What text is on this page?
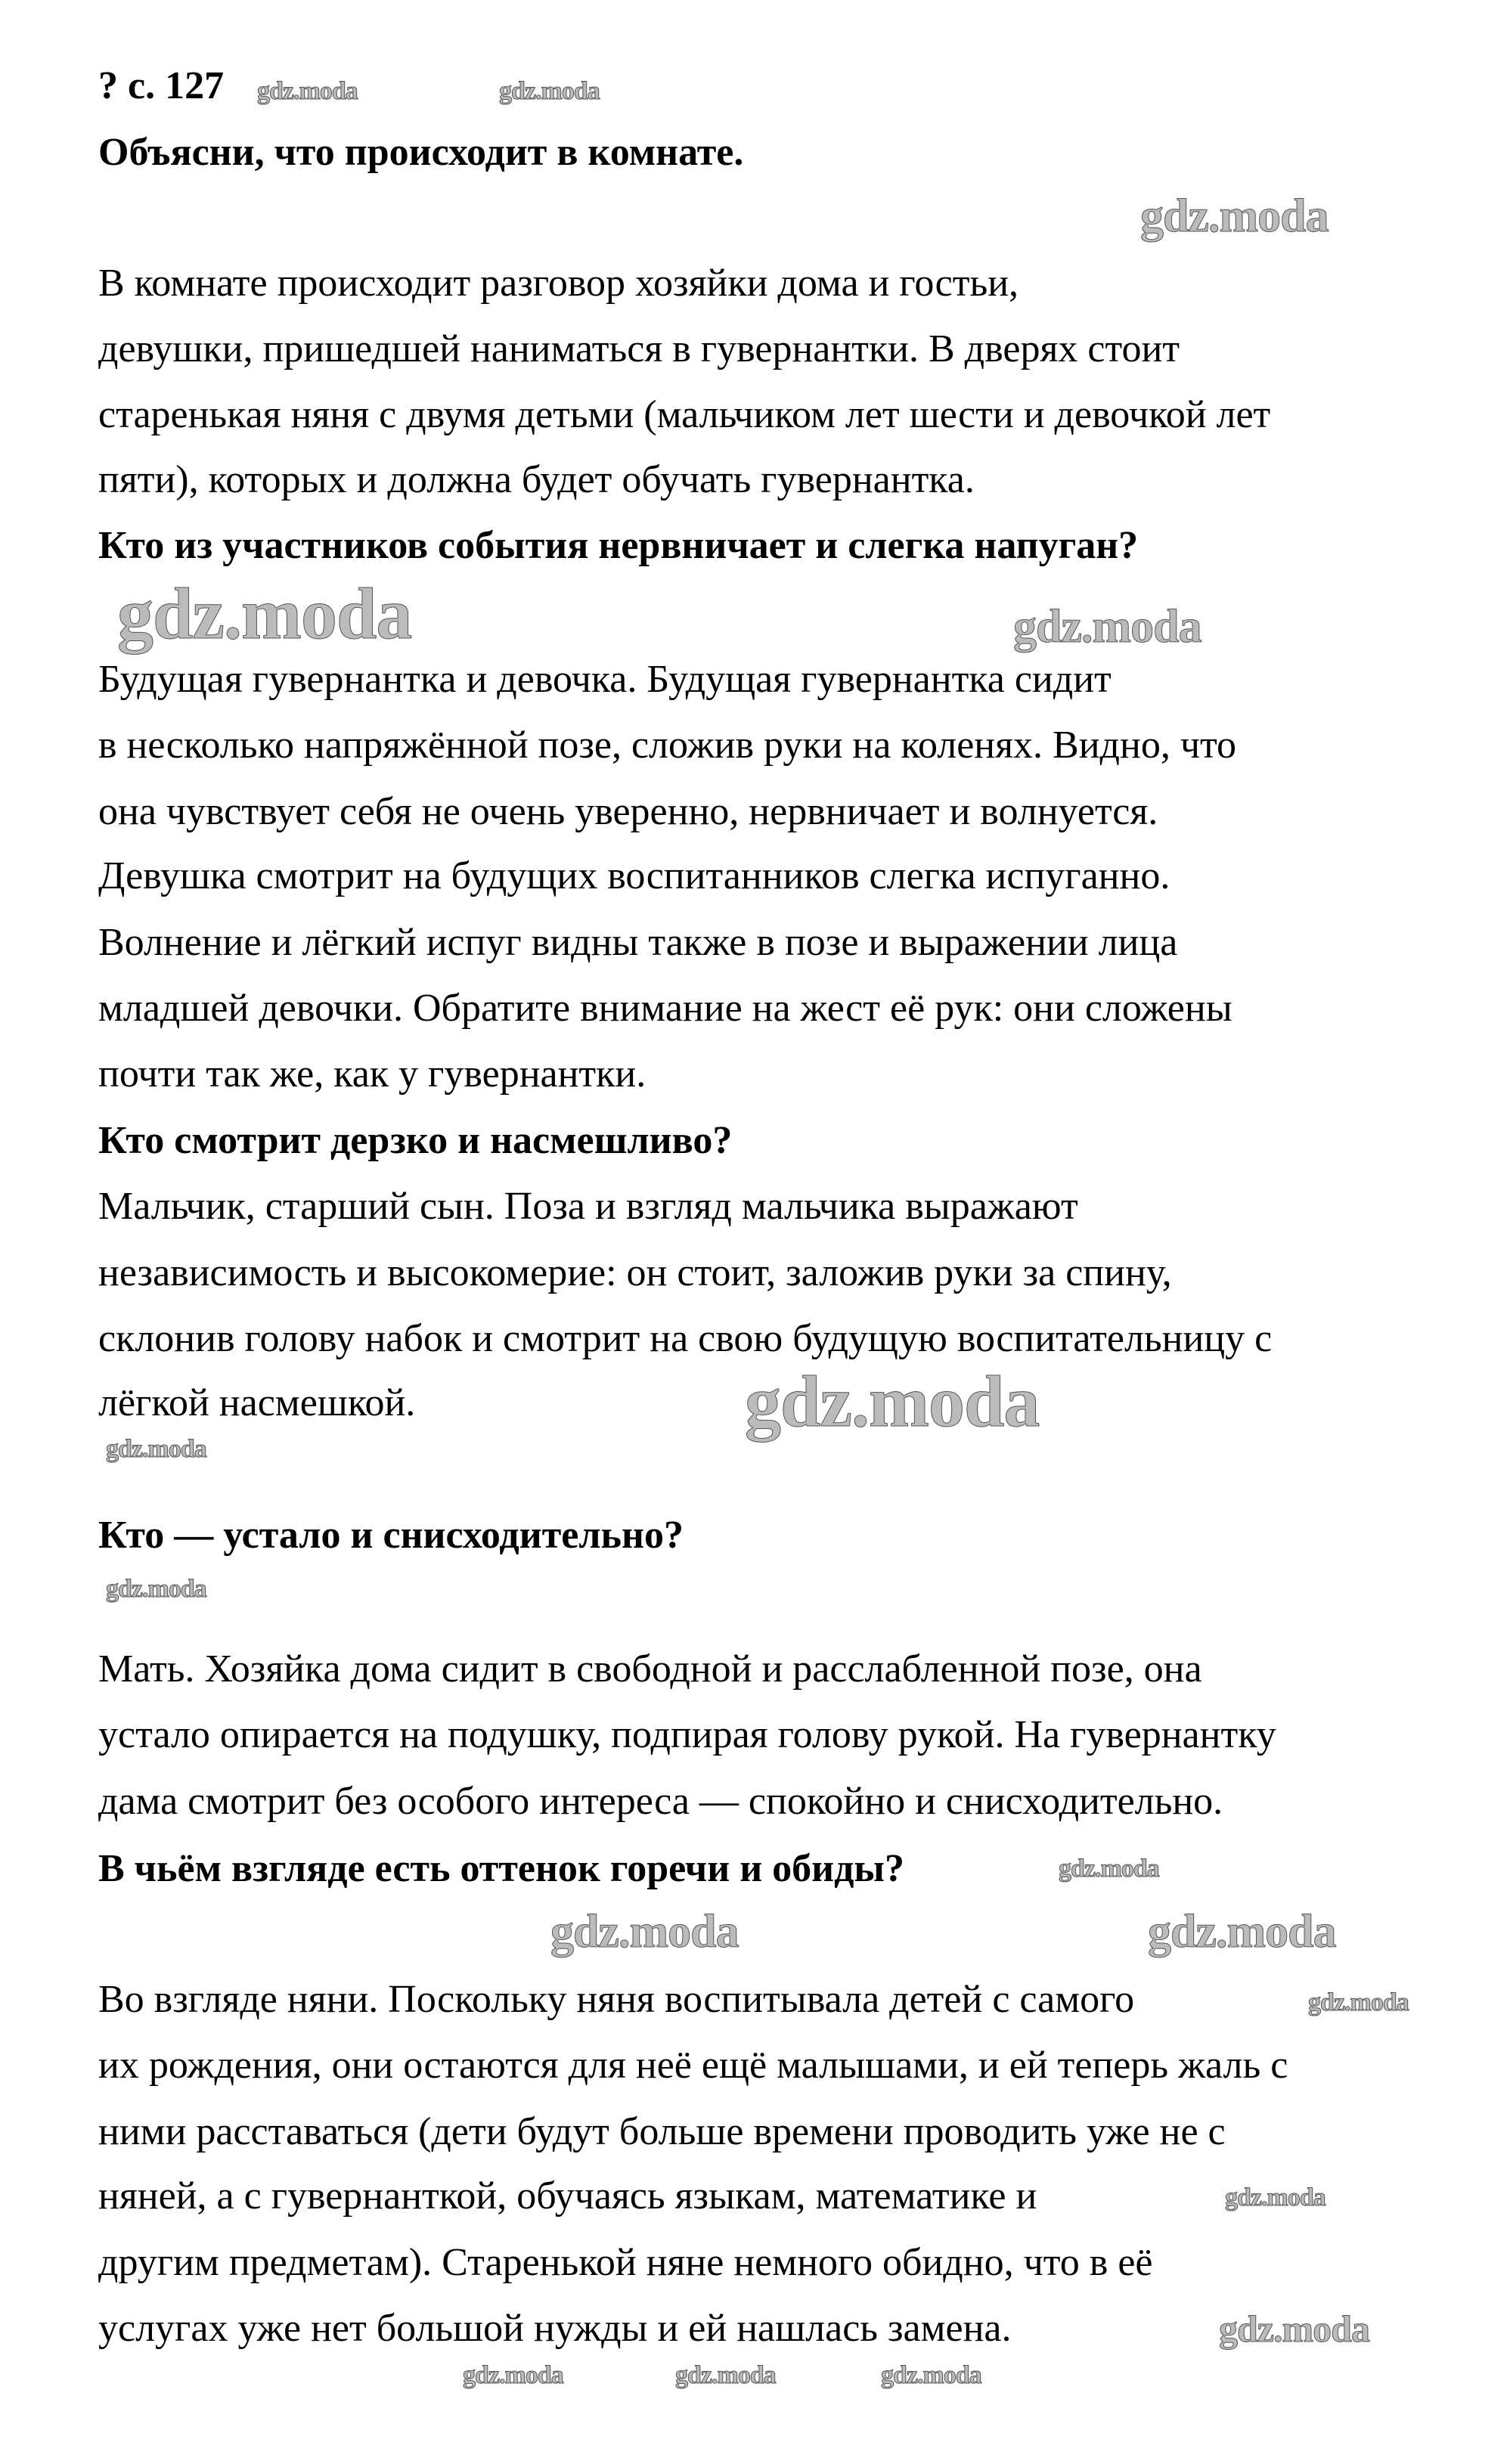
? с. 127
Объясни, что происходит в комнате.
В комнате происходит разговор хозяйки дома и гостьи,
девушки, пришедшей наниматься в гувернантки. В дверях стоит
старенькая няня с двумя детьми (мальчиком лет шести и девочкой лет
пяти), которых и должна будет обучать гувернантка.
Кто из участников события нервничает и слегка напуган?
Будущая гувернантка и девочка. Будущая гувернантка сидит
в несколько напряжённой позе, сложив руки на коленях. Видно, что
она чувствует себя не очень уверенно, нервничает и волнуется.
Девушка смотрит на будущих воспитанников слегка испуганно.
Волнение и лёгкий испуг видны также в позе и выражении лица
младшей девочки. Обратите внимание на жест её рук: они сложены
почти так же, как у гувернантки.
Кто смотрит дерзко и насмешливо?
Мальчик, старший сын. Поза и взгляд мальчика выражают
независимость и высокомерие: он стоит, заложив руки за спину,
склонив голову набок и смотрит на свою будущую воспитательницу с
лёгкой насмешкой.
Кто — устало и снисходительно?
Мать. Хозяйка дома сидит в свободной и расслабленной позе, она
устало опирается на подушку, подпирая голову рукой. На гувернантку
дама смотрит без особого интереса — спокойно и снисходительно.
В чьём взгляде есть оттенок горечи и обиды?
Во взгляде няни. Поскольку няня воспитывала детей с самого
их рождения, они остаются для неё ещё малышами, и ей теперь жаль с
ними расставаться (дети будут больше времени проводить уже не с
няней, а с гувернанткой, обучаясь языкам, математике и
другим предметам). Старенькой няне немного обидно, что в её
услугах уже нет большой нужды и ей нашлась замена.
gdz.moda	gdz.moda
gdz.moda
gdz.moda	gdz.moda
gdz.moda
gdz.moda
gdz.moda
gdz.moda
gdz.moda	gdz.moda
gdz.moda
gdz.moda
gdz.moda	gdz.moda	gdz.moda
gdz.moda
